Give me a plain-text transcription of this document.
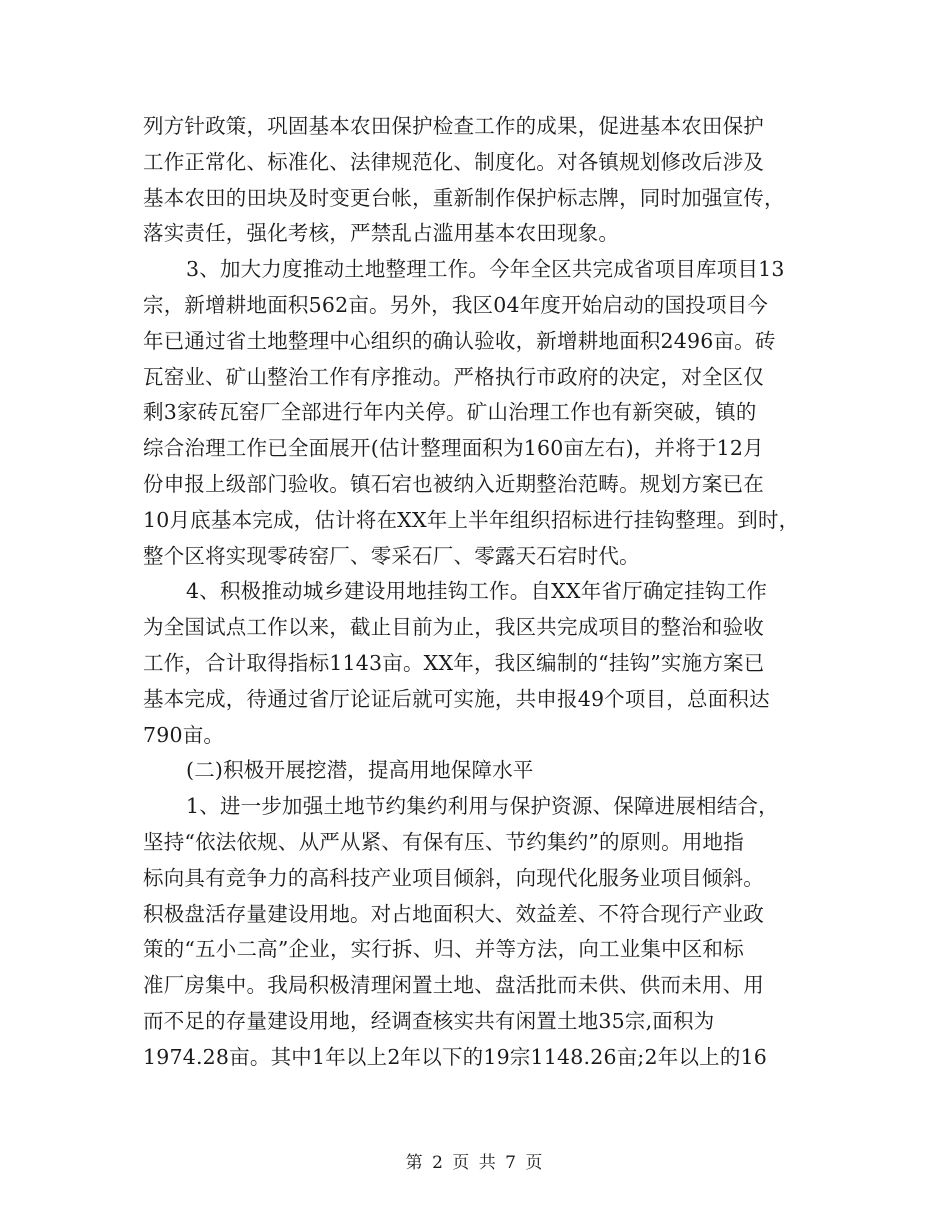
列方针政策，巩固基本农田保护检查工作的成果，促进基本农田保护
工作正常化、标准化、法律规范化、制度化。对各镇规划修改后涉及
基本农田的田块及时变更台帐，重新制作保护标志牌，同时加强宣传，
落实责任，强化考核，严禁乱占滥用基本农田现象。
3、加大力度推动土地整理工作。今年全区共完成省项目库项目13
宗，新增耕地面积562亩。另外，我区04年度开始启动的国投项目今
年已通过省土地整理中心组织的确认验收，新增耕地面积2496亩。砖
瓦窑业、矿山整治工作有序推动。严格执行市政府的决定，对全区仅
剩3家砖瓦窑厂全部进行年内关停。矿山治理工作也有新突破，镇的
综合治理工作已全面展开(估计整理面积为160亩左右)，并将于12月
份申报上级部门验收。镇石宕也被纳入近期整治范畴。规划方案已在
10月底基本完成，估计将在XX年上半年组织招标进行挂钩整理。到时，
整个区将实现零砖窑厂、零采石厂、零露天石宕时代。
4、积极推动城乡建设用地挂钩工作。自XX年省厅确定挂钩工作
为全国试点工作以来，截止目前为止，我区共完成项目的整治和验收
工作，合计取得指标1143亩。XX年，我区编制的“挂钩”实施方案已
基本完成，待通过省厅论证后就可实施，共申报49个项目，总面积达
790亩。
(二)积极开展挖潜，提高用地保障水平
1、进一步加强土地节约集约利用与保护资源、保障进展相结合，
坚持“依法依规、从严从紧、有保有压、节约集约”的原则。用地指
标向具有竞争力的高科技产业项目倾斜，向现代化服务业项目倾斜。
积极盘活存量建设用地。对占地面积大、效益差、不符合现行产业政
策的“五小二高”企业，实行拆、归、并等方法，向工业集中区和标
准厂房集中。我局积极清理闲置土地、盘活批而未供、供而未用、用
而不足的存量建设用地，经调查核实共有闲置土地35宗,面积为
1974.28亩。其中1年以上2年以下的19宗1148.26亩;2年以上的16
第 2 页 共 7 页
